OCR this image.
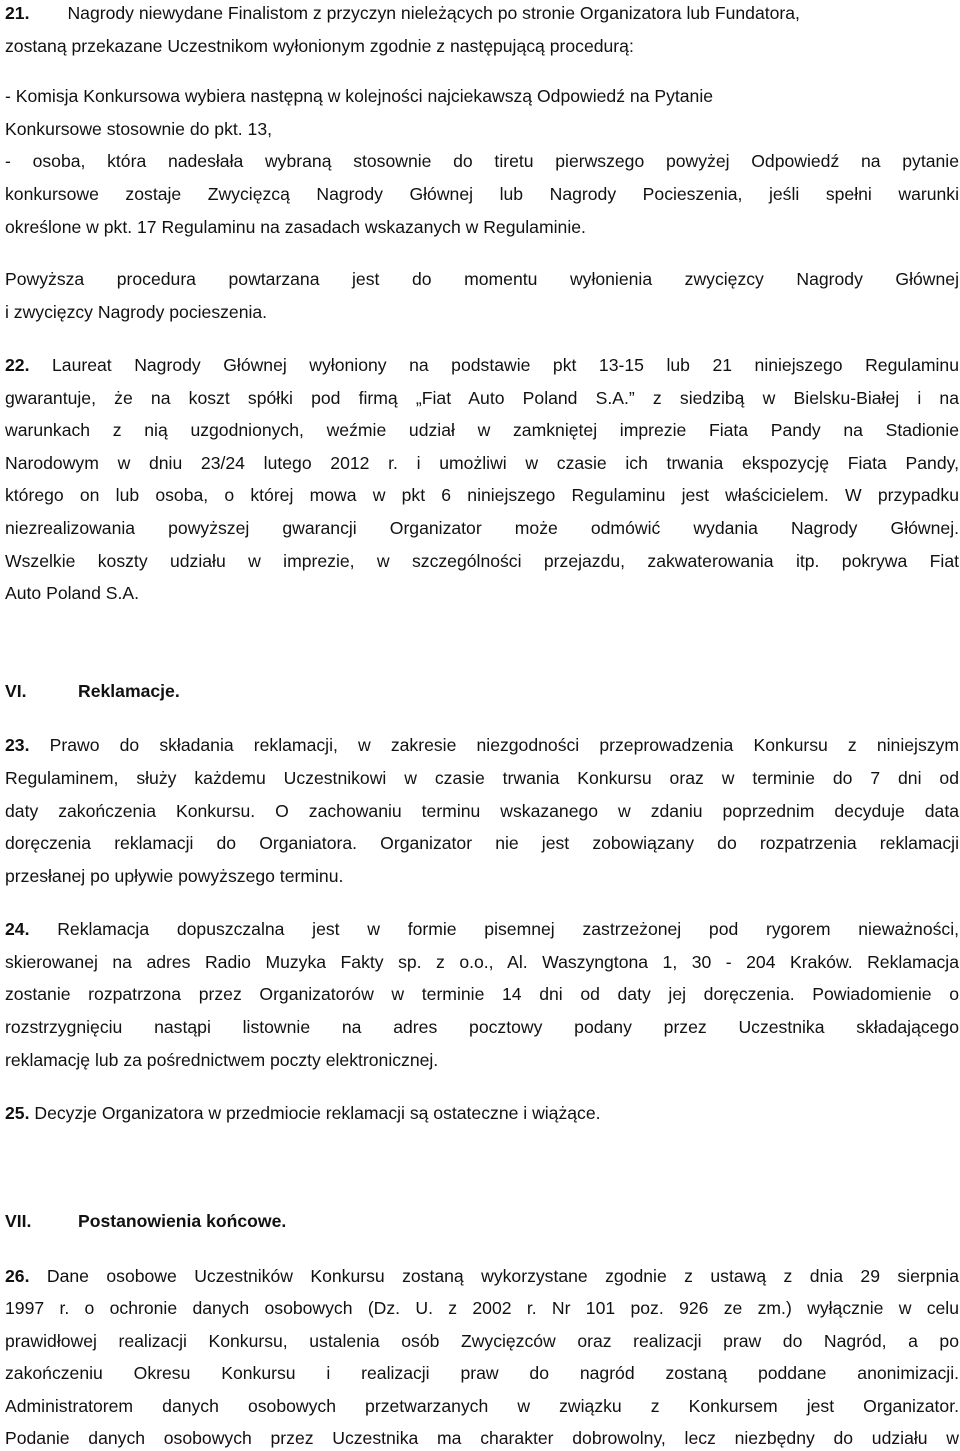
21. Nagrody niewydane Finalistom z przyczyn nieleżących po stronie Organizatora lub Fundatora,
zostaną przekazane Uczestnikom wyłonionym zgodnie z następującą procedurą:
- Komisja Konkursowa wybiera następną w kolejności najciekawszą Odpowiedź na Pytanie
Konkursowe stosownie do pkt. 13,
- osoba, która nadesłała wybraną stosownie do tiretu pierwszego powyżej Odpowiedź na pytanie
konkursowe zostaje Zwycięzcą Nagrody Głównej lub Nagrody Pocieszenia, jeśli spełni warunki
określone w pkt. 17 Regulaminu na zasadach wskazanych w Regulaminie.
Powyższa procedura powtarzana jest do momentu wyłonienia zwycięzcy Nagrody Głównej
i zwycięzcy Nagrody pocieszenia.
22. Laureat Nagrody Głównej wyłoniony na podstawie pkt 13-15 lub 21 niniejszego Regulaminu
gwarantuje, że na koszt spółki pod firmą „Fiat Auto Poland S.A.” z siedzibą w Bielsku-Białej i na
warunkach z nią uzgodnionych, weźmie udział w zamkniętej imprezie Fiata Pandy na Stadionie
Narodowym w dniu 23/24 lutego 2012 r. i umożliwi w czasie ich trwania ekspozycję Fiata Pandy,
którego on lub osoba, o której mowa w pkt 6 niniejszego Regulaminu jest właścicielem. W przypadku
niezrealizowania powyższej gwarancji Organizator może odmówić wydania Nagrody Głównej.
Wszelkie koszty udziału w imprezie, w szczególności przejazdu, zakwaterowania itp. pokrywa Fiat
Auto Poland S.A.
VI.	Reklamacje.
23. Prawo do składania reklamacji, w zakresie niezgodności przeprowadzenia Konkursu z niniejszym
Regulaminem, służy każdemu Uczestnikowi w czasie trwania Konkursu oraz w terminie do 7 dni od
daty zakończenia Konkursu. O zachowaniu terminu wskazanego w zdaniu poprzednim decyduje data
doręczenia reklamacji do Organiatora. Organizator nie jest zobowiązany do rozpatrzenia reklamacji
przesłanej po upływie powyższego terminu.
24. Reklamacja dopuszczalna jest w formie pisemnej zastrzeżonej pod rygorem nieważności,
skierowanej na adres Radio Muzyka Fakty sp. z o.o., Al. Waszyngtona 1, 30 - 204 Kraków. Reklamacja
zostanie rozpatrzona przez Organizatorów w terminie 14 dni od daty jej doręczenia. Powiadomienie o
rozstrzygnięciu nastąpi listownie na adres pocztowy podany przez Uczestnika składającego
reklamację lub za pośrednictwem poczty elektronicznej.
25. Decyzje Organizatora w przedmiocie reklamacji są ostateczne i wiążące.
VII.	Postanowienia końcowe.
26. Dane osobowe Uczestników Konkursu zostaną wykorzystane zgodnie z ustawą z dnia 29 sierpnia
1997 r. o ochronie danych osobowych (Dz. U. z 2002 r. Nr 101 poz. 926 ze zm.) wyłącznie w celu
prawidłowej realizacji Konkursu, ustalenia osób Zwycięzców oraz realizacji praw do Nagród, a po
zakończeniu Okresu Konkursu i realizacji praw do nagród zostaną poddane anonimizacji.
Administratorem danych osobowych przetwarzanych w związku z Konkursem jest Organizator.
Podanie danych osobowych przez Uczestnika ma charakter dobrowolny, lecz niezbędny do udziału w
